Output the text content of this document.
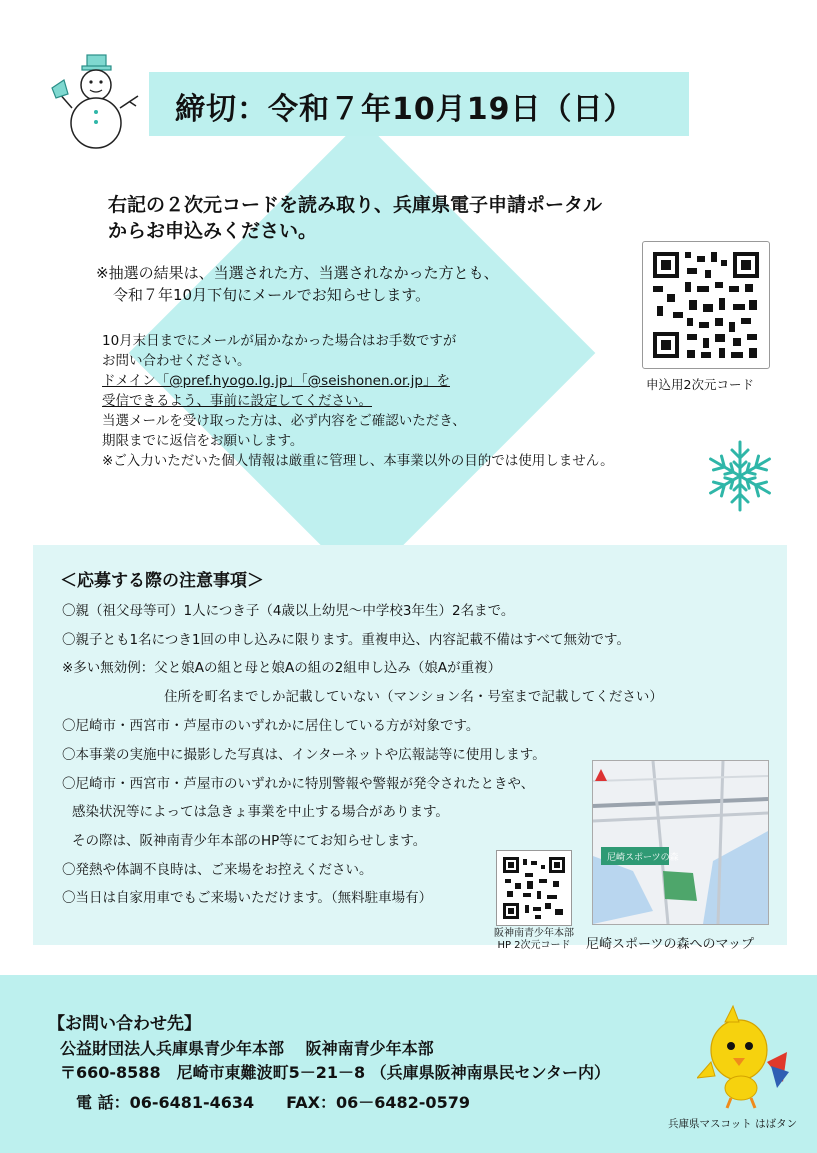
締切：令和７年10月19日（日）
右記の２次元コードを読み取り、兵庫県電子申請ポータル
からお申込みください。
※抽選の結果は、当選された方、当選されなかった方とも、
令和７年10月下旬にメールでお知らせします。
10月末日までにメールが届かなかった場合はお手数ですが
お問い合わせください。
ドメイン「@pref.hyogo.lg.jp」「@seishonen.or.jp」を
受信できるよう、事前に設定してください。
当選メールを受け取った方は、必ず内容をご確認いただき、
期限までに返信をお願いします。
※ご入力いただいた個人情報は厳重に管理し、本事業以外の目的では使用しません。
申込用2次元コード
＜応募する際の注意事項＞
〇親（祖父母等可）1人につき子（4歳以上幼児～中学校3年生）2名まで。
〇親子とも1名につき1回の申し込みに限ります。重複申込、内容記載不備はすべて無効です。
※多い無効例：父と娘Aの組と母と娘Aの組の2組申し込み（娘Aが重複）
住所を町名までしか記載していない（マンション名・号室まで記載してください）
〇尼崎市・西宮市・芦屋市のいずれかに居住している方が対象です。
〇本事業の実施中に撮影した写真は、インターネットや広報誌等に使用します。
〇尼崎市・西宮市・芦屋市のいずれかに特別警報や警報が発令されたときや、
感染状況等によっては急きょ事業を中止する場合があります。
その際は、阪神南青少年本部のHP等にてお知らせします。
〇発熱や体調不良時は、ご来場をお控えください。
〇当日は自家用車でもご来場いただけます。（無料駐車場有）
阪神南青少年本部
HP 2次元コード
尼崎スポーツの森
尼崎スポーツの森へのマップ
【お問い合わせ先】
公益財団法人兵庫県青少年本部　 阪神南青少年本部
〒660-8588　尼崎市東難波町5－21－8 （兵庫県阪神南県民センター内）
電 話：06-6481-4634　　FAX：06－6482-0579
兵庫県マスコット はばタン
